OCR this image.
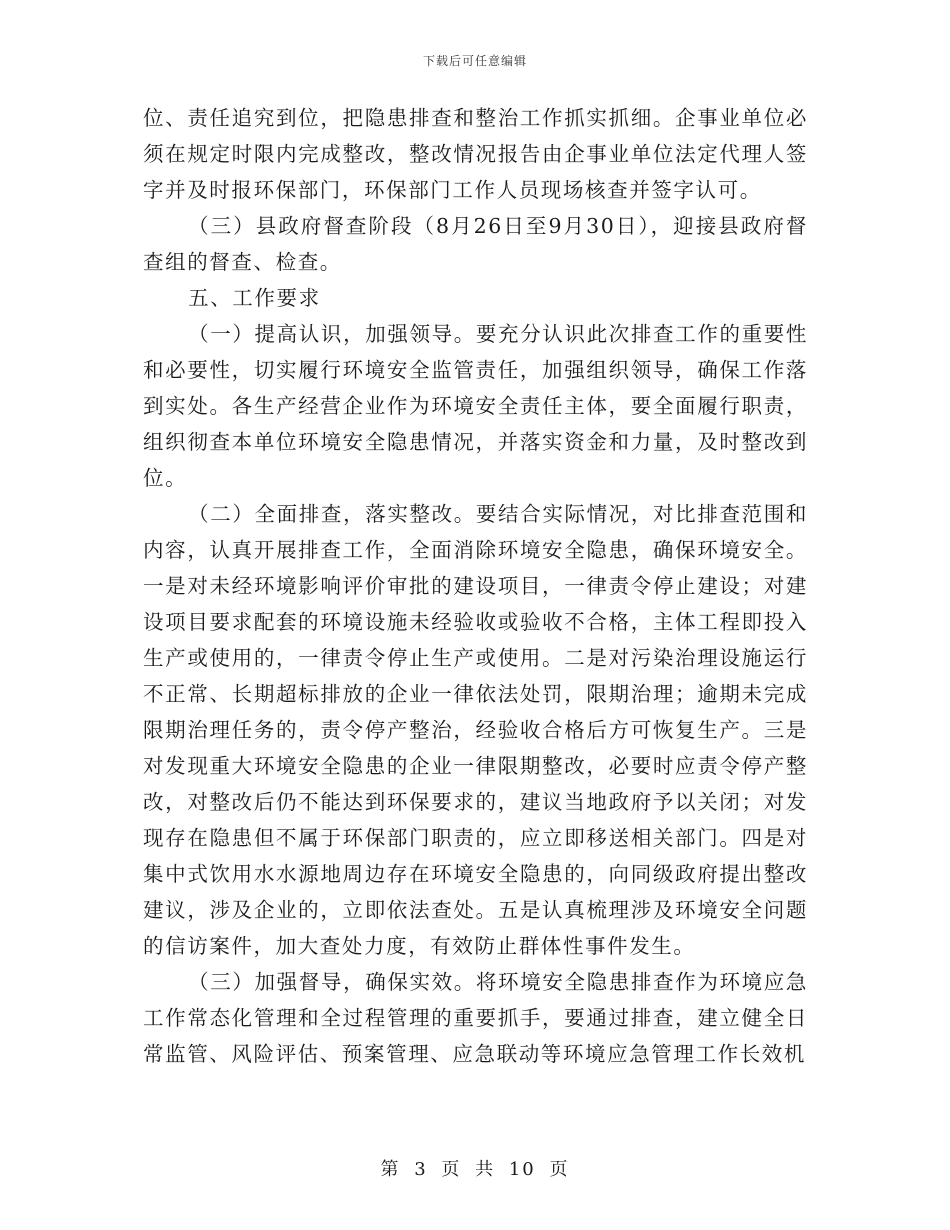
下载后可任意编辑

位、责任追究到位，把隐患排查和整治工作抓实抓细。企事业单位必须在规定时限内完成整改，整改情况报告由企事业单位法定代理人签字并及时报环保部门，环保部门工作人员现场核查并签字认可。

（三）县政府督查阶段（8月26日至9月30日），迎接县政府督查组的督查、检查。

五、工作要求

（一）提高认识，加强领导。要充分认识此次排查工作的重要性和必要性，切实履行环境安全监管责任，加强组织领导，确保工作落到实处。各生产经营企业作为环境安全责任主体，要全面履行职责，组织彻查本单位环境安全隐患情况，并落实资金和力量，及时整改到位。

（二）全面排查，落实整改。要结合实际情况，对比排查范围和内容，认真开展排查工作，全面消除环境安全隐患，确保环境安全。一是对未经环境影响评价审批的建设项目，一律责令停止建设；对建设项目要求配套的环境设施未经验收或验收不合格，主体工程即投入生产或使用的，一律责令停止生产或使用。二是对污染治理设施运行不正常、长期超标排放的企业一律依法处罚，限期治理；逾期未完成限期治理任务的，责令停产整治，经验收合格后方可恢复生产。三是对发现重大环境安全隐患的企业一律限期整改，必要时应责令停产整改，对整改后仍不能达到环保要求的，建议当地政府予以关闭；对发现存在隐患但不属于环保部门职责的，应立即移送相关部门。四是对集中式饮用水水源地周边存在环境安全隐患的，向同级政府提出整改建议，涉及企业的，立即依法查处。五是认真梳理涉及环境安全问题的信访案件，加大查处力度，有效防止群体性事件发生。

（三）加强督导，确保实效。将环境安全隐患排查作为环境应急工作常态化管理和全过程管理的重要抓手，要通过排查，建立健全日常监管、风险评估、预案管理、应急联动等环境应急管理工作长效机

第 3 页 共 10 页
